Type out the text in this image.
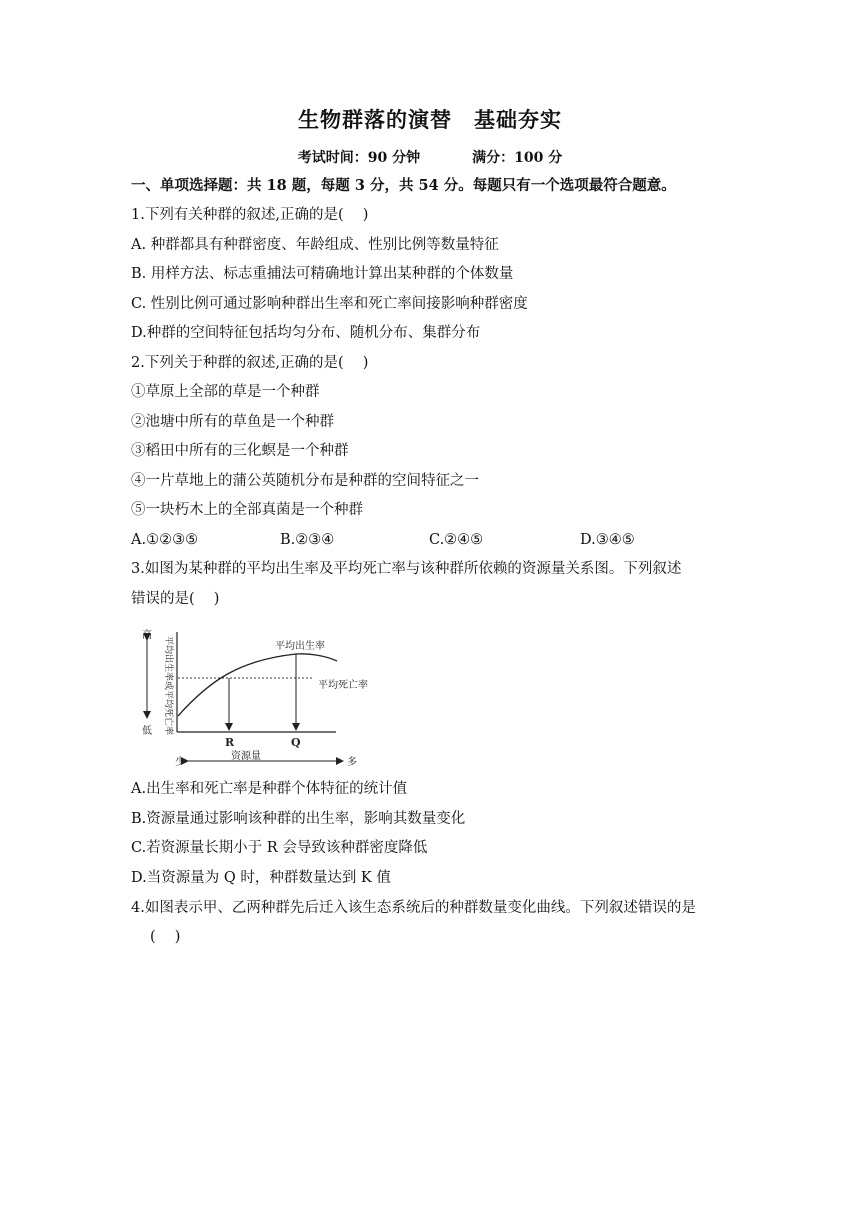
生物群落的演替　基础夯实
考试时间：90 分钟	满分：100 分
一、单项选择题：共 18 题，每题 3 分，共 54 分。每题只有一个选项最符合题意。
1.下列有关种群的叙述,正确的是(　 )
A. 种群都具有种群密度、年龄组成、性别比例等数量特征
B. 用样方法、标志重捕法可精确地计算出某种群的个体数量
C. 性别比例可通过影响种群出生率和死亡率间接影响种群密度
D.种群的空间特征包括均匀分布、随机分布、集群分布
2.下列关于种群的叙述,正确的是(　 )
①草原上全部的草是一个种群
②池塘中所有的草鱼是一个种群
③稻田中所有的三化螟是一个种群
④一片草地上的蒲公英随机分布是种群的空间特征之一
⑤一块朽木上的全部真菌是一个种群
A.①②③⑤	B.②③④	C.②④⑤	D.③④⑤
3.如图为某种群的平均出生率及平均死亡率与该种群所依赖的资源量关系图。下列叙述
错误的是(　 )
高
低 平均出生率或平均死亡率	平均出生率
平均死亡率
R	Q
资源量
少	多
A.出生率和死亡率是种群个体特征的统计值
B.资源量通过影响该种群的出生率，影响其数量变化
C.若资源量长期小于 R 会导致该种群密度降低
D.当资源量为 Q 时，种群数量达到 K 值
4.如图表示甲、乙两种群先后迁入该生态系统后的种群数量变化曲线。下列叙述错误的是
(　 )
